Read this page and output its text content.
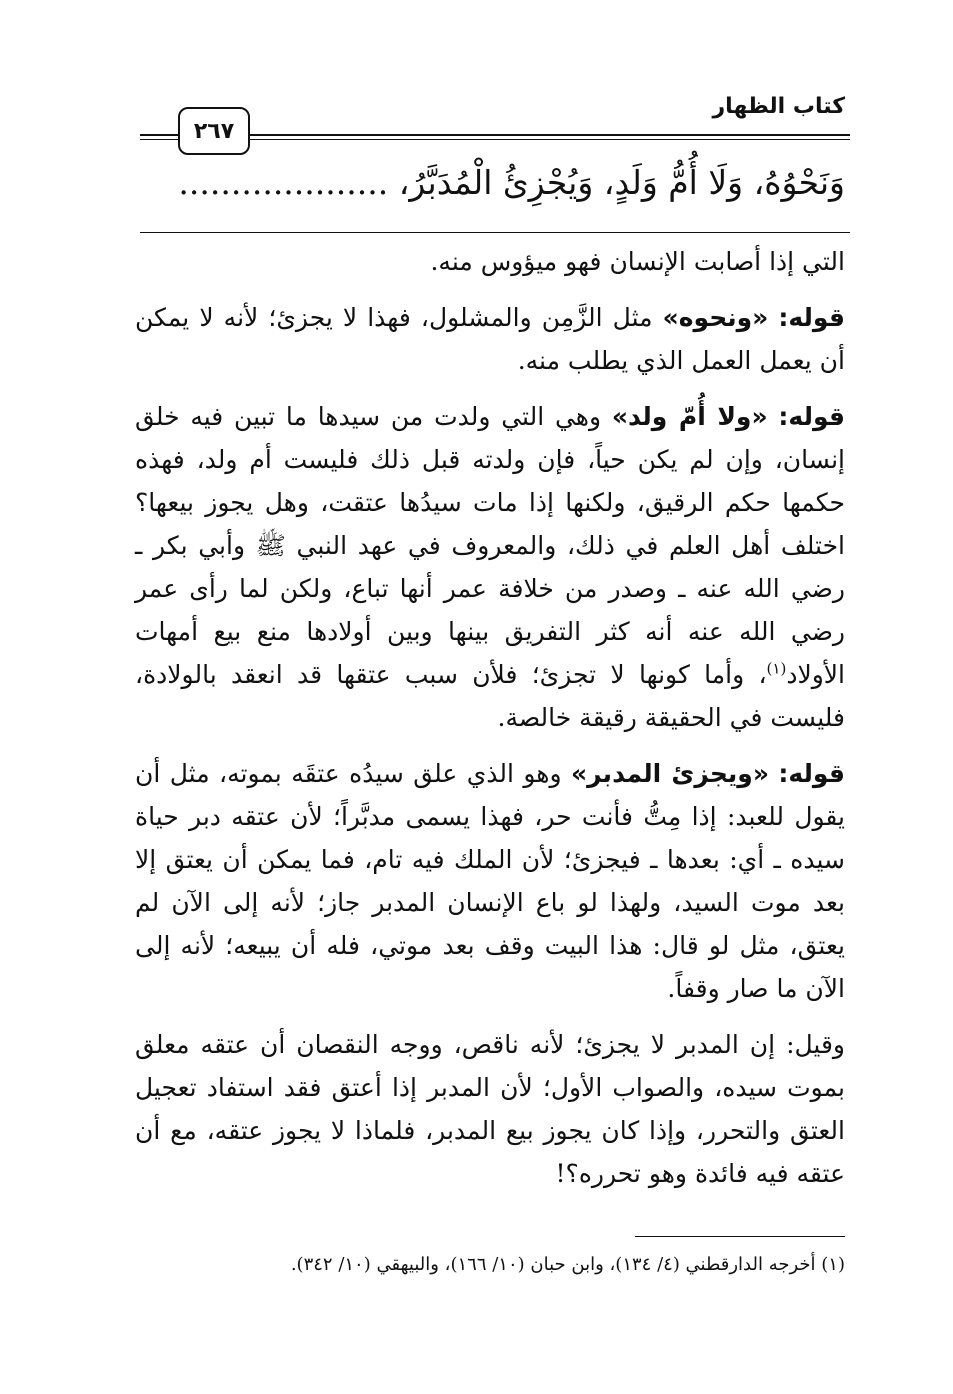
كتاب الظهار
٢٦٧
وَنَحْوُهُ، وَلَا أُمُّ وَلَدٍ، وَيُجْزِئُ الْمُدَبَّرُ، ....................

التي إذا أصابت الإنسان فهو ميؤوس منه.

قوله: «ونحوه» مثل الزَّمِن والمشلول، فهذا لا يجزئ؛ لأنه لا يمكن أن يعمل العمل الذي يطلب منه.

قوله: «ولا أُمّ ولد» وهي التي ولدت من سيدها ما تبين فيه خلق إنسان، وإن لم يكن حياً، فإن ولدته قبل ذلك فليست أم ولد، فهذه حكمها حكم الرقيق، ولكنها إذا مات سيدُها عتقت، وهل يجوز بيعها؟ اختلف أهل العلم في ذلك، والمعروف في عهد النبي ﷺ وأبي بكر ـ رضي الله عنه ـ وصدر من خلافة عمر أنها تباع، ولكن لما رأى عمر رضي الله عنه أنه كثر التفريق بينها وبين أولادها منع بيع أمهات الأولاد$^{(١)}$، وأما كونها لا تجزئ؛ فلأن سبب عتقها قد انعقد بالولادة، فليست في الحقيقة رقيقة خالصة.

قوله: «ويجزئ المدبر» وهو الذي علق سيدُه عتقَه بموته، مثل أن يقول للعبد: إذا مِتُّ فأنت حر، فهذا يسمى مدبَّراً؛ لأن عتقه دبر حياة سيده ـ أي: بعدها ـ فيجزئ؛ لأن الملك فيه تام، فما يمكن أن يعتق إلا بعد موت السيد، ولهذا لو باع الإنسان المدبر جاز؛ لأنه إلى الآن لم يعتق، مثل لو قال: هذا البيت وقف بعد موتي، فله أن يبيعه؛ لأنه إلى الآن ما صار وقفاً.

وقيل: إن المدبر لا يجزئ؛ لأنه ناقص، ووجه النقصان أن عتقه معلق بموت سيده، والصواب الأول؛ لأن المدبر إذا أعتق فقد استفاد تعجيل العتق والتحرر، وإذا كان يجوز بيع المدبر، فلماذا لا يجوز عتقه، مع أن عتقه فيه فائدة وهو تحرره؟!

(١) أخرجه الدارقطني (٤/ ١٣٤)، وابن حبان (١٠/ ١٦٦)، والبيهقي (١٠/ ٣٤٢).
